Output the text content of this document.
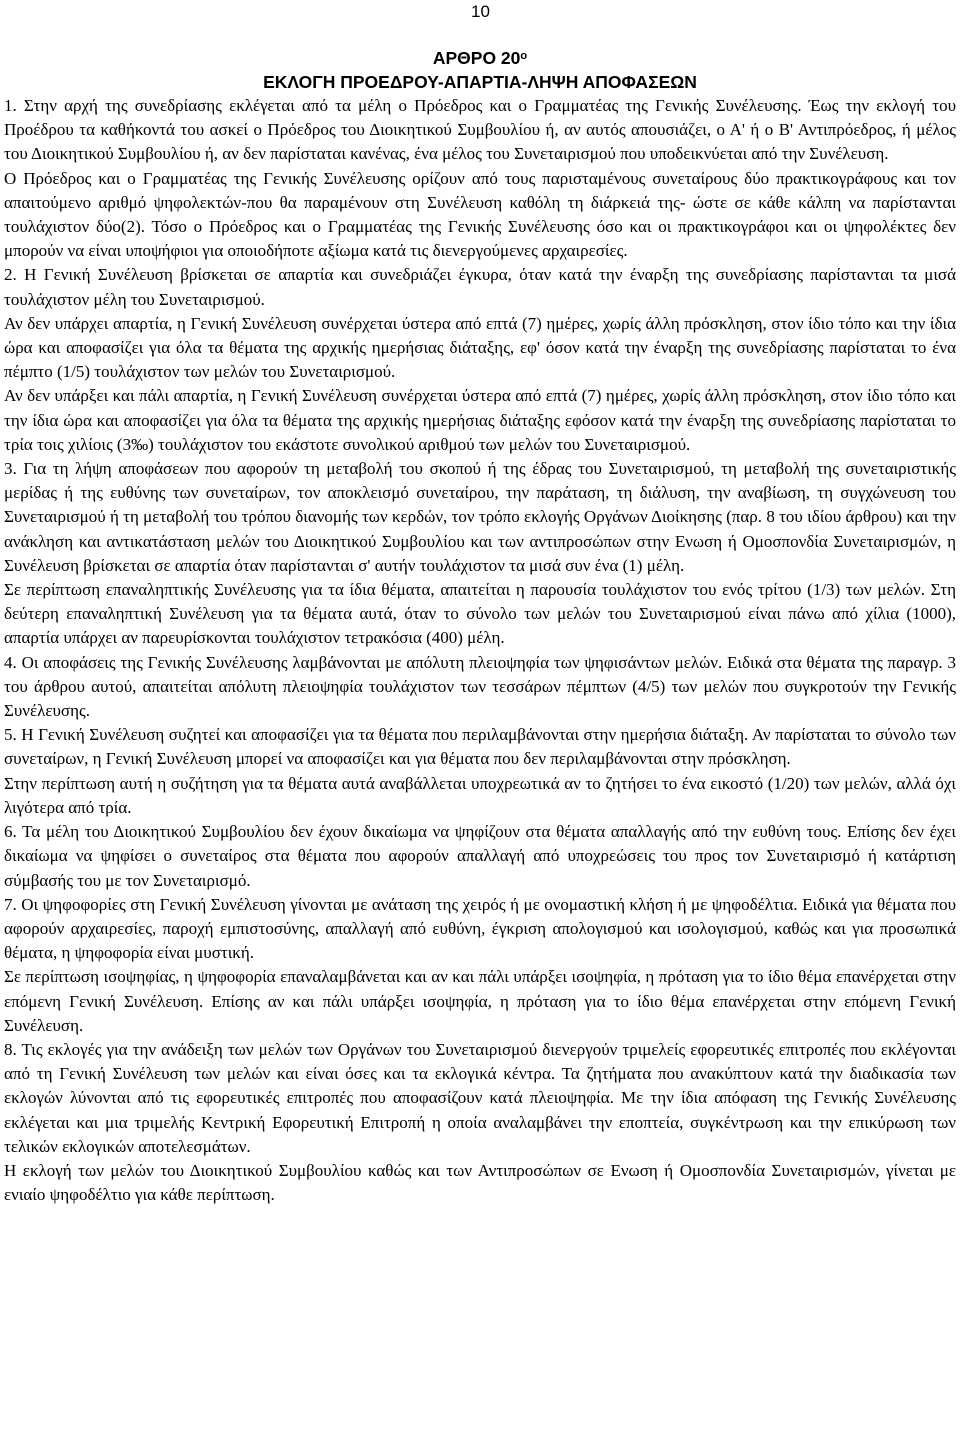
10
ΑΡΘΡΟ $20^o$
ΕΚΛΟΓΗ ΠΡΟΕΔΡΟΥ-ΑΠΑΡΤΙΑ-ΛΗΨΗ ΑΠΟΦΑΣΕΩΝ

1. Στην αρχή της συνεδρίασης εκλέγεται από τα μέλη ο Πρόεδρος και ο Γραμματέας της Γενικής Συνέλευσης. Έως την εκλογή του Προέδρου τα καθήκοντά του ασκεί ο Πρόεδρος του Διοικητικού Συμβουλίου ή, αν αυτός απουσιάζει, ο Α' ή ο Β' Αντιπρόεδρος, ή μέλος του Διοικητικού Συμβουλίου ή, αν δεν παρίσταται κανένας, ένα μέλος του Συνεταιρισμού που υποδεικνύεται από την Συνέλευση.

Ο Πρόεδρος και ο Γραμματέας της Γενικής Συνέλευσης ορίζουν από τους παρισταμένους συνεταίρους δύο πρακτικογράφους και τον απαιτούμενο αριθμό ψηφολεκτών-που θα παραμένουν στη Συνέλευση καθόλη τη διάρκειά της- ώστε σε κάθε κάλπη να παρίστανται τουλάχιστον δύο(2). Τόσο ο Πρόεδρος και ο Γραμματέας της Γενικής Συνέλευσης όσο και οι πρακτικογράφοι και οι ψηφολέκτες δεν μπορούν να είναι υποψήφιοι για οποιοδήποτε αξίωμα κατά τις διενεργούμενες αρχαιρεσίες.

2. Η Γενική Συνέλευση βρίσκεται σε απαρτία και συνεδριάζει έγκυρα, όταν κατά την έναρξη της συνεδρίασης παρίστανται τα μισά τουλάχιστον μέλη του Συνεταιρισμού.

Αν δεν υπάρχει απαρτία, η Γενική Συνέλευση συνέρχεται ύστερα από επτά (7) ημέρες, χωρίς άλλη πρόσκληση, στον ίδιο τόπο και την ίδια ώρα και αποφασίζει για όλα τα θέματα της αρχικής ημερήσιας διάταξης, εφ' όσον κατά την έναρξη της συνεδρίασης παρίσταται το ένα πέμπτο (1/5) τουλάχιστον των μελών του Συνεταιρισμού.

Αν δεν υπάρξει και πάλι απαρτία, η Γενική Συνέλευση συνέρχεται ύστερα από επτά (7) ημέρες, χωρίς άλλη πρόσκληση, στον ίδιο τόπο και την ίδια ώρα και αποφασίζει για όλα τα θέματα της αρχικής ημερήσιας διάταξης εφόσον κατά την έναρξη της συνεδρίασης παρίσταται το τρία τοις χιλίοις (3‰) τουλάχιστον του εκάστοτε συνολικού αριθμού των μελών του Συνεταιρισμού.

3. Για τη λήψη αποφάσεων που αφορούν τη μεταβολή του σκοπού ή της έδρας του Συνεταιρισμού, τη μεταβολή της συνεταιριστικής μερίδας ή της ευθύνης των συνεταίρων, τον αποκλεισμό συνεταίρου, την παράταση, τη διάλυση, την αναβίωση, τη συγχώνευση του Συνεταιρισμού ή τη μεταβολή του τρόπου διανομής των κερδών, τον τρόπο εκλογής Οργάνων Διοίκησης (παρ. 8 του ιδίου άρθρου) και την ανάκληση και αντικατάσταση μελών του Διοικητικού Συμβουλίου και των αντιπροσώπων στην Ενωση ή Ομοσπονδία Συνεταιρισμών, η Συνέλευση βρίσκεται σε απαρτία όταν παρίστανται σ' αυτήν τουλάχιστον τα μισά συν ένα (1) μέλη.

Σε περίπτωση επαναληπτικής Συνέλευσης για τα ίδια θέματα, απαιτείται η παρουσία τουλάχιστον του ενός τρίτου (1/3) των μελών. Στη δεύτερη επαναληπτική Συνέλευση για τα θέματα αυτά, όταν το σύνολο των μελών του Συνεταιρισμού είναι πάνω από χίλια (1000), απαρτία υπάρχει αν παρευρίσκονται τουλάχιστον τετρακόσια (400) μέλη.

4. Οι αποφάσεις της Γενικής Συνέλευσης λαμβάνονται με απόλυτη πλειοψηφία των ψηφισάντων μελών. Ειδικά στα θέματα της παραγρ. 3 του άρθρου αυτού, απαιτείται απόλυτη πλειοψηφία τουλάχιστον των τεσσάρων πέμπτων (4/5) των μελών που συγκροτούν την Γενικής Συνέλευσης.

5. Η Γενική Συνέλευση συζητεί και αποφασίζει για τα θέματα που περιλαμβάνονται στην ημερήσια διάταξη. Αν παρίσταται το σύνολο των συνεταίρων, η Γενική Συνέλευση μπορεί να αποφασίζει και για θέματα που δεν περιλαμβάνονται στην πρόσκληση.

Στην περίπτωση αυτή η συζήτηση για τα θέματα αυτά αναβάλλεται υποχρεωτικά αν το ζητήσει το ένα εικοστό (1/20) των μελών, αλλά όχι λιγότερα από τρία.

6. Τα μέλη του Διοικητικού Συμβουλίου δεν έχουν δικαίωμα να ψηφίζουν στα θέματα απαλλαγής από την ευθύνη τους. Επίσης δεν έχει δικαίωμα να ψηφίσει ο συνεταίρος στα θέματα που αφορούν απαλλαγή από υποχρεώσεις του προς τον Συνεταιρισμό ή κατάρτιση σύμβασής του με τον Συνεταιρισμό.

7. Οι ψηφοφορίες στη Γενική Συνέλευση γίνονται με ανάταση της χειρός ή με ονομαστική κλήση ή με ψηφοδέλτια. Ειδικά για θέματα που αφορούν αρχαιρεσίες, παροχή εμπιστοσύνης, απαλλαγή από ευθύνη, έγκριση απολογισμού και ισολογισμού, καθώς και για προσωπικά θέματα, η ψηφοφορία είναι μυστική.

Σε περίπτωση ισοψηφίας, η ψηφοφορία επαναλαμβάνεται και αν και πάλι υπάρξει ισοψηφία, η πρόταση για το ίδιο θέμα επανέρχεται στην επόμενη Γενική Συνέλευση. Επίσης αν και πάλι υπάρξει ισοψηφία, η πρόταση για το ίδιο θέμα επανέρχεται στην επόμενη Γενική Συνέλευση.

8. Τις εκλογές για την ανάδειξη των μελών των Οργάνων του Συνεταιρισμού διενεργούν τριμελείς εφορευτικές επιτροπές που εκλέγονται από τη Γενική Συνέλευση των μελών και είναι όσες και τα εκλογικά κέντρα. Τα ζητήματα που ανακύπτουν κατά την διαδικασία των εκλογών λύνονται από τις εφορευτικές επιτροπές που αποφασίζουν κατά πλειοψηφία. Με την ίδια απόφαση της Γενικής Συνέλευσης εκλέγεται και μια τριμελής Κεντρική Εφορευτική Επιτροπή η οποία αναλαμβάνει την εποπτεία, συγκέντρωση και την επικύρωση των τελικών εκλογικών αποτελεσμάτων.

Η εκλογή των μελών του Διοικητικού Συμβουλίου καθώς και των Αντιπροσώπων σε Ενωση ή Ομοσπονδία Συνεταιρισμών, γίνεται με ενιαίο ψηφοδέλτιο για κάθε περίπτωση.
